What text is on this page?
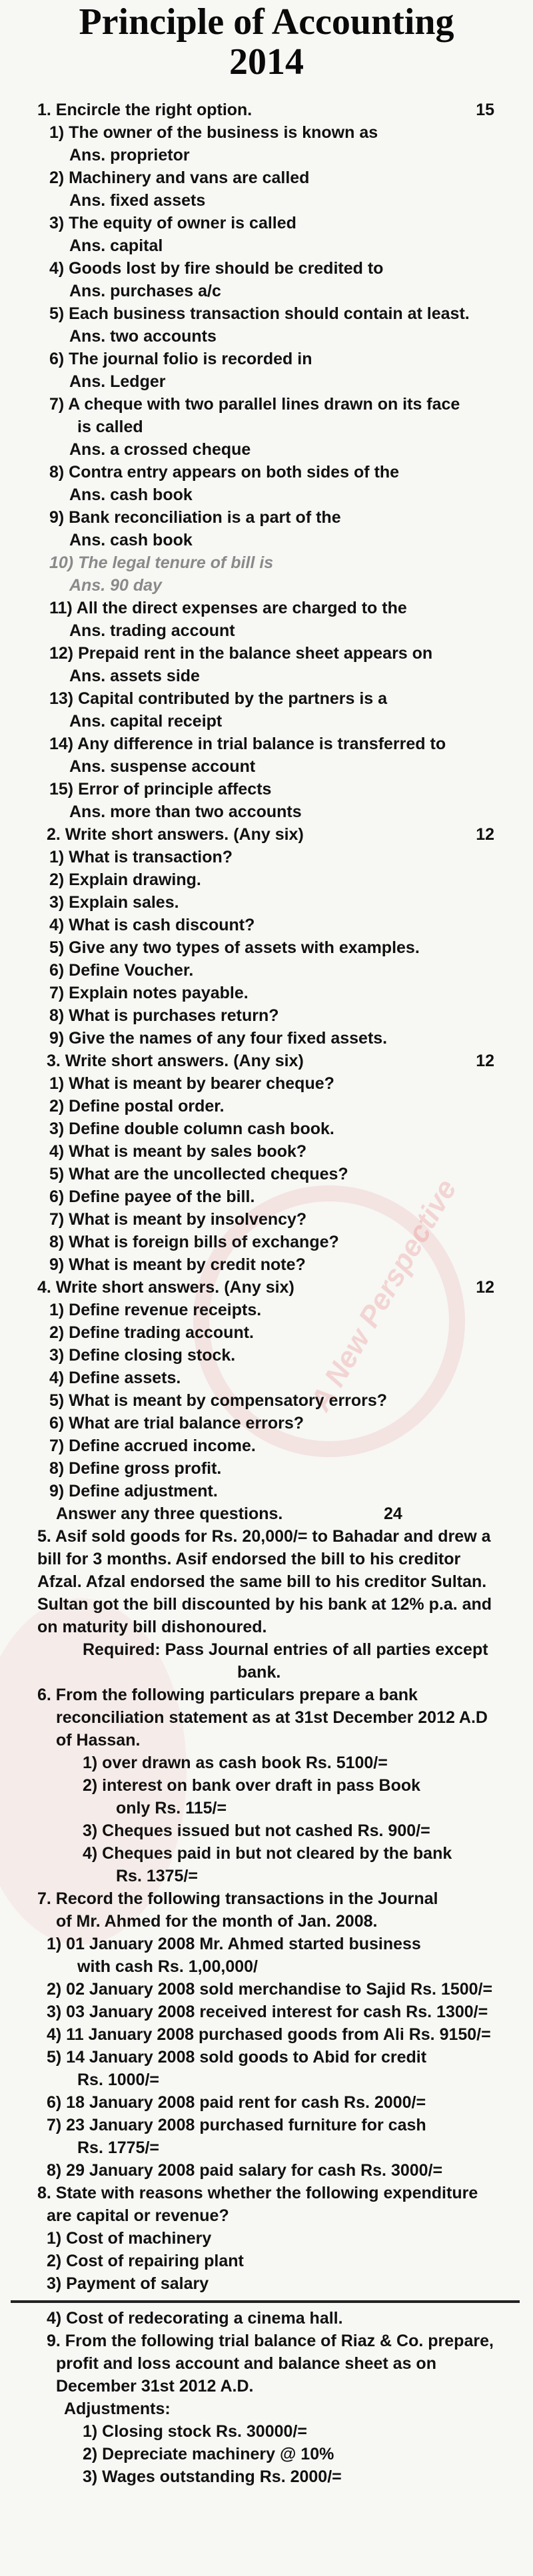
A New Perspective
Principle of Accounting
2014
1. Encircle the right option.	15
1) The owner of the business is known as
Ans. proprietor
2) Machinery and vans are called
Ans. fixed assets
3) The equity of owner is called
Ans. capital
4) Goods lost by fire should be credited to
Ans. purchases a/c
5) Each business transaction should contain at least.
Ans. two accounts
6) The journal folio is recorded in
Ans. Ledger
7) A cheque with two parallel lines drawn on its face
is called
Ans. a crossed cheque
8) Contra entry appears on both sides of the
Ans. cash book
9) Bank reconciliation is a part of the
Ans. cash book
10) The legal tenure of bill is
Ans. 90 day
11) All the direct expenses are charged to the
Ans. trading account
12) Prepaid rent in the balance sheet appears on
Ans. assets side
13) Capital contributed by the partners is a
Ans. capital receipt
14) Any difference in trial balance is transferred to
Ans. suspense account
15) Error of principle affects
Ans. more than two accounts
2. Write short answers. (Any six)	12
1) What is transaction?
2) Explain drawing.
3) Explain sales.
4) What is cash discount?
5) Give any two types of assets with examples.
6) Define Voucher.
7) Explain notes payable.
8) What is purchases return?
9) Give the names of any four fixed assets.
3. Write short answers. (Any six)	12
1) What is meant by bearer cheque?
2) Define postal order.
3) Define double column cash book.
4) What is meant by sales book?
5) What are the uncollected cheques?
6) Define payee of the bill.
7) What is meant by insolvency?
8) What is foreign bills of exchange?
9) What is meant by credit note?
4. Write short answers. (Any six)	12
1) Define revenue receipts.
2) Define trading account.
3) Define closing stock.
4) Define assets.
5) What is meant by compensatory errors?
6) What are trial balance errors?
7) Define accrued income.
8) Define gross profit.
9) Define adjustment.
Answer any three questions.	24
5. Asif sold goods for Rs. 20,000/= to Bahadar and drew a
bill for 3 months. Asif endorsed the bill to his creditor
Afzal. Afzal endorsed the same bill to his creditor Sultan.
Sultan got the bill discounted by his bank at 12% p.a. and
on maturity bill dishonoured.
Required: Pass Journal entries of all parties except
bank.
6. From the following particulars prepare a bank
reconciliation statement as at 31st December 2012 A.D
of Hassan.
1) over drawn as cash book Rs. 5100/=
2) interest on bank over draft in pass Book
only Rs. 115/=
3) Cheques issued but not cashed Rs. 900/=
4) Cheques paid in but not cleared by the bank
Rs. 1375/=
7. Record the following transactions in the Journal
of Mr. Ahmed for the month of Jan. 2008.
1) 01 January 2008 Mr. Ahmed started business
with cash Rs. 1,00,000/
2) 02 January 2008 sold merchandise to Sajid Rs. 1500/=
3) 03 January 2008 received interest for cash Rs. 1300/=
4) 11 January 2008 purchased goods from Ali Rs. 9150/=
5) 14 January 2008 sold goods to Abid for credit
Rs. 1000/=
6) 18 January 2008 paid rent for cash Rs. 2000/=
7) 23 January 2008 purchased furniture for cash
Rs. 1775/=
8) 29 January 2008 paid salary for cash Rs. 3000/=
8. State with reasons whether the following expenditure
are capital or revenue?
1) Cost of machinery
2) Cost of repairing plant
3) Payment of salary
4) Cost of redecorating a cinema hall.
9. From the following trial balance of Riaz & Co. prepare,
profit and loss account and balance sheet as on
December 31st 2012 A.D.
Adjustments:
1) Closing stock Rs. 30000/=
2) Depreciate machinery @ 10%
3) Wages outstanding Rs. 2000/=
